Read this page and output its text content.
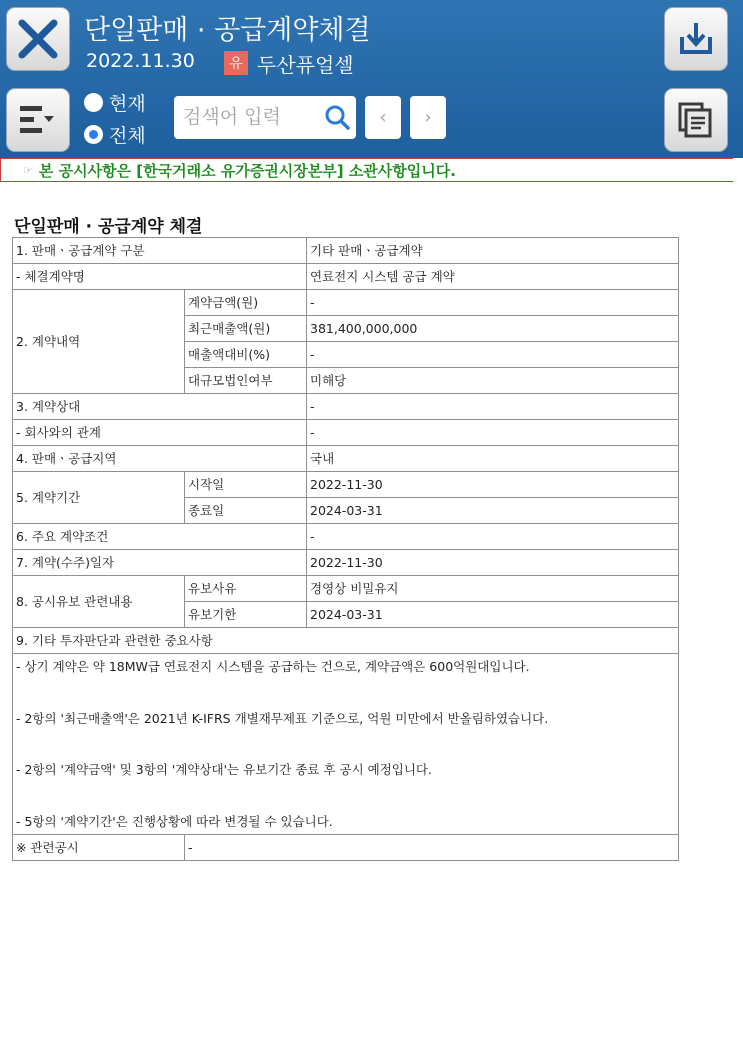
단일판매 · 공급계약체결
2022.11.30	유 두산퓨얼셀
현재
전체
검색어 입력
‹ ›
☞ 본 공시사항은 [한국거래소 유가증권시장본부] 소관사항입니다.
단일판매 · 공급계약 체결
1. 판매ㆍ공급계약 구분		기타 판매ㆍ공급계약
- 체결계약명		연료전지 시스템 공급 계약
2. 계약내역	계약금액(원)	-
	최근매출액(원)	381,400,000,000
	매출액대비(%)	-
	대규모법인여부	미해당
3. 계약상대		-
- 회사와의 관계		-
4. 판매ㆍ공급지역		국내
5. 계약기간	시작일	2022-11-30
	종료일	2024-03-31
6. 주요 계약조건		-
7. 계약(수주)일자		2022-11-30
8. 공시유보 관련내용	유보사유	경영상 비밀유지
	유보기한	2024-03-31
9. 기타 투자판단과 관련한 중요사항		

- 상기 계약은 약 18MW급 연료전지 시스템을 공급하는 건으로, 계약금액은 600억원대입니다.
- 2항의 '최근매출액'은 2021년 K-IFRS 개별재무제표 기준으로, 억원 미만에서 반올림하였습니다.
- 2항의 '계약금액' 및 3항의 '계약상대'는 유보기간 종료 후 공시 예정입니다.
- 5항의 '계약기간'은 진행상황에 따라 변경될 수 있습니다.		

※ 관련공시	-	
